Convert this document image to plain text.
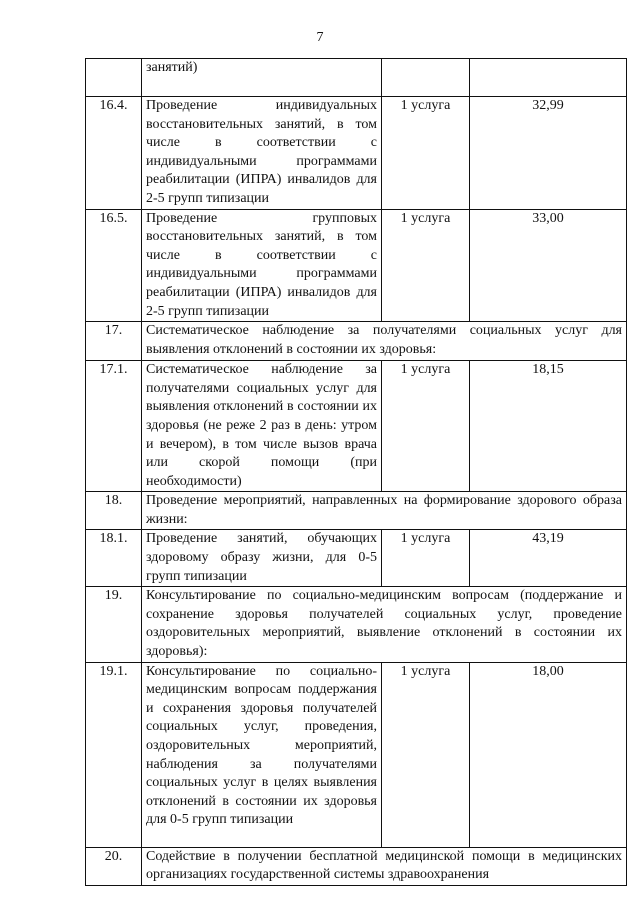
7
	занятий)		
16.4.	Проведение индивидуальных восстановительных занятий, в том числе в соответствии с индивидуальными программами реабилитации (ИПРА) инвалидов для 2-5 групп типизации	1 услуга	32,99
16.5.	Проведение групповых восстановительных занятий, в том числе в соответствии с индивидуальными программами реабилитации (ИПРА) инвалидов для 2-5 групп типизации	1 услуга	33,00
17.	Систематическое наблюдение за получателями социальных услуг для выявления отклонений в состоянии их здоровья:		
17.1.	Систематическое наблюдение за получателями социальных услуг для выявления отклонений в состоянии их здоровья (не реже 2 раз в день: утром и вечером), в том числе вызов врача или скорой помощи (при необходимости)	1 услуга	18,15
18.	Проведение мероприятий, направленных на формирование здорового образа жизни:		
18.1.	Проведение занятий, обучающих здоровому образу жизни, для 0-5 групп типизации	1 услуга	43,19
19.	Консультирование по социально-медицинским вопросам (поддержание и сохранение здоровья получателей социальных услуг, проведение оздоровительных мероприятий, выявление отклонений в состоянии их здоровья):		
19.1.	Консультирование по социально-медицинским вопросам поддержания и сохранения здоровья получателей социальных услуг, проведения, оздоровительных мероприятий, наблюдения за получателями социальных услуг в целях выявления отклонений в состоянии их здоровья для 0-5 групп типизации	1 услуга	18,00
20.	Содействие в получении бесплатной медицинской помощи в медицинских организациях государственной системы здравоохранения		
